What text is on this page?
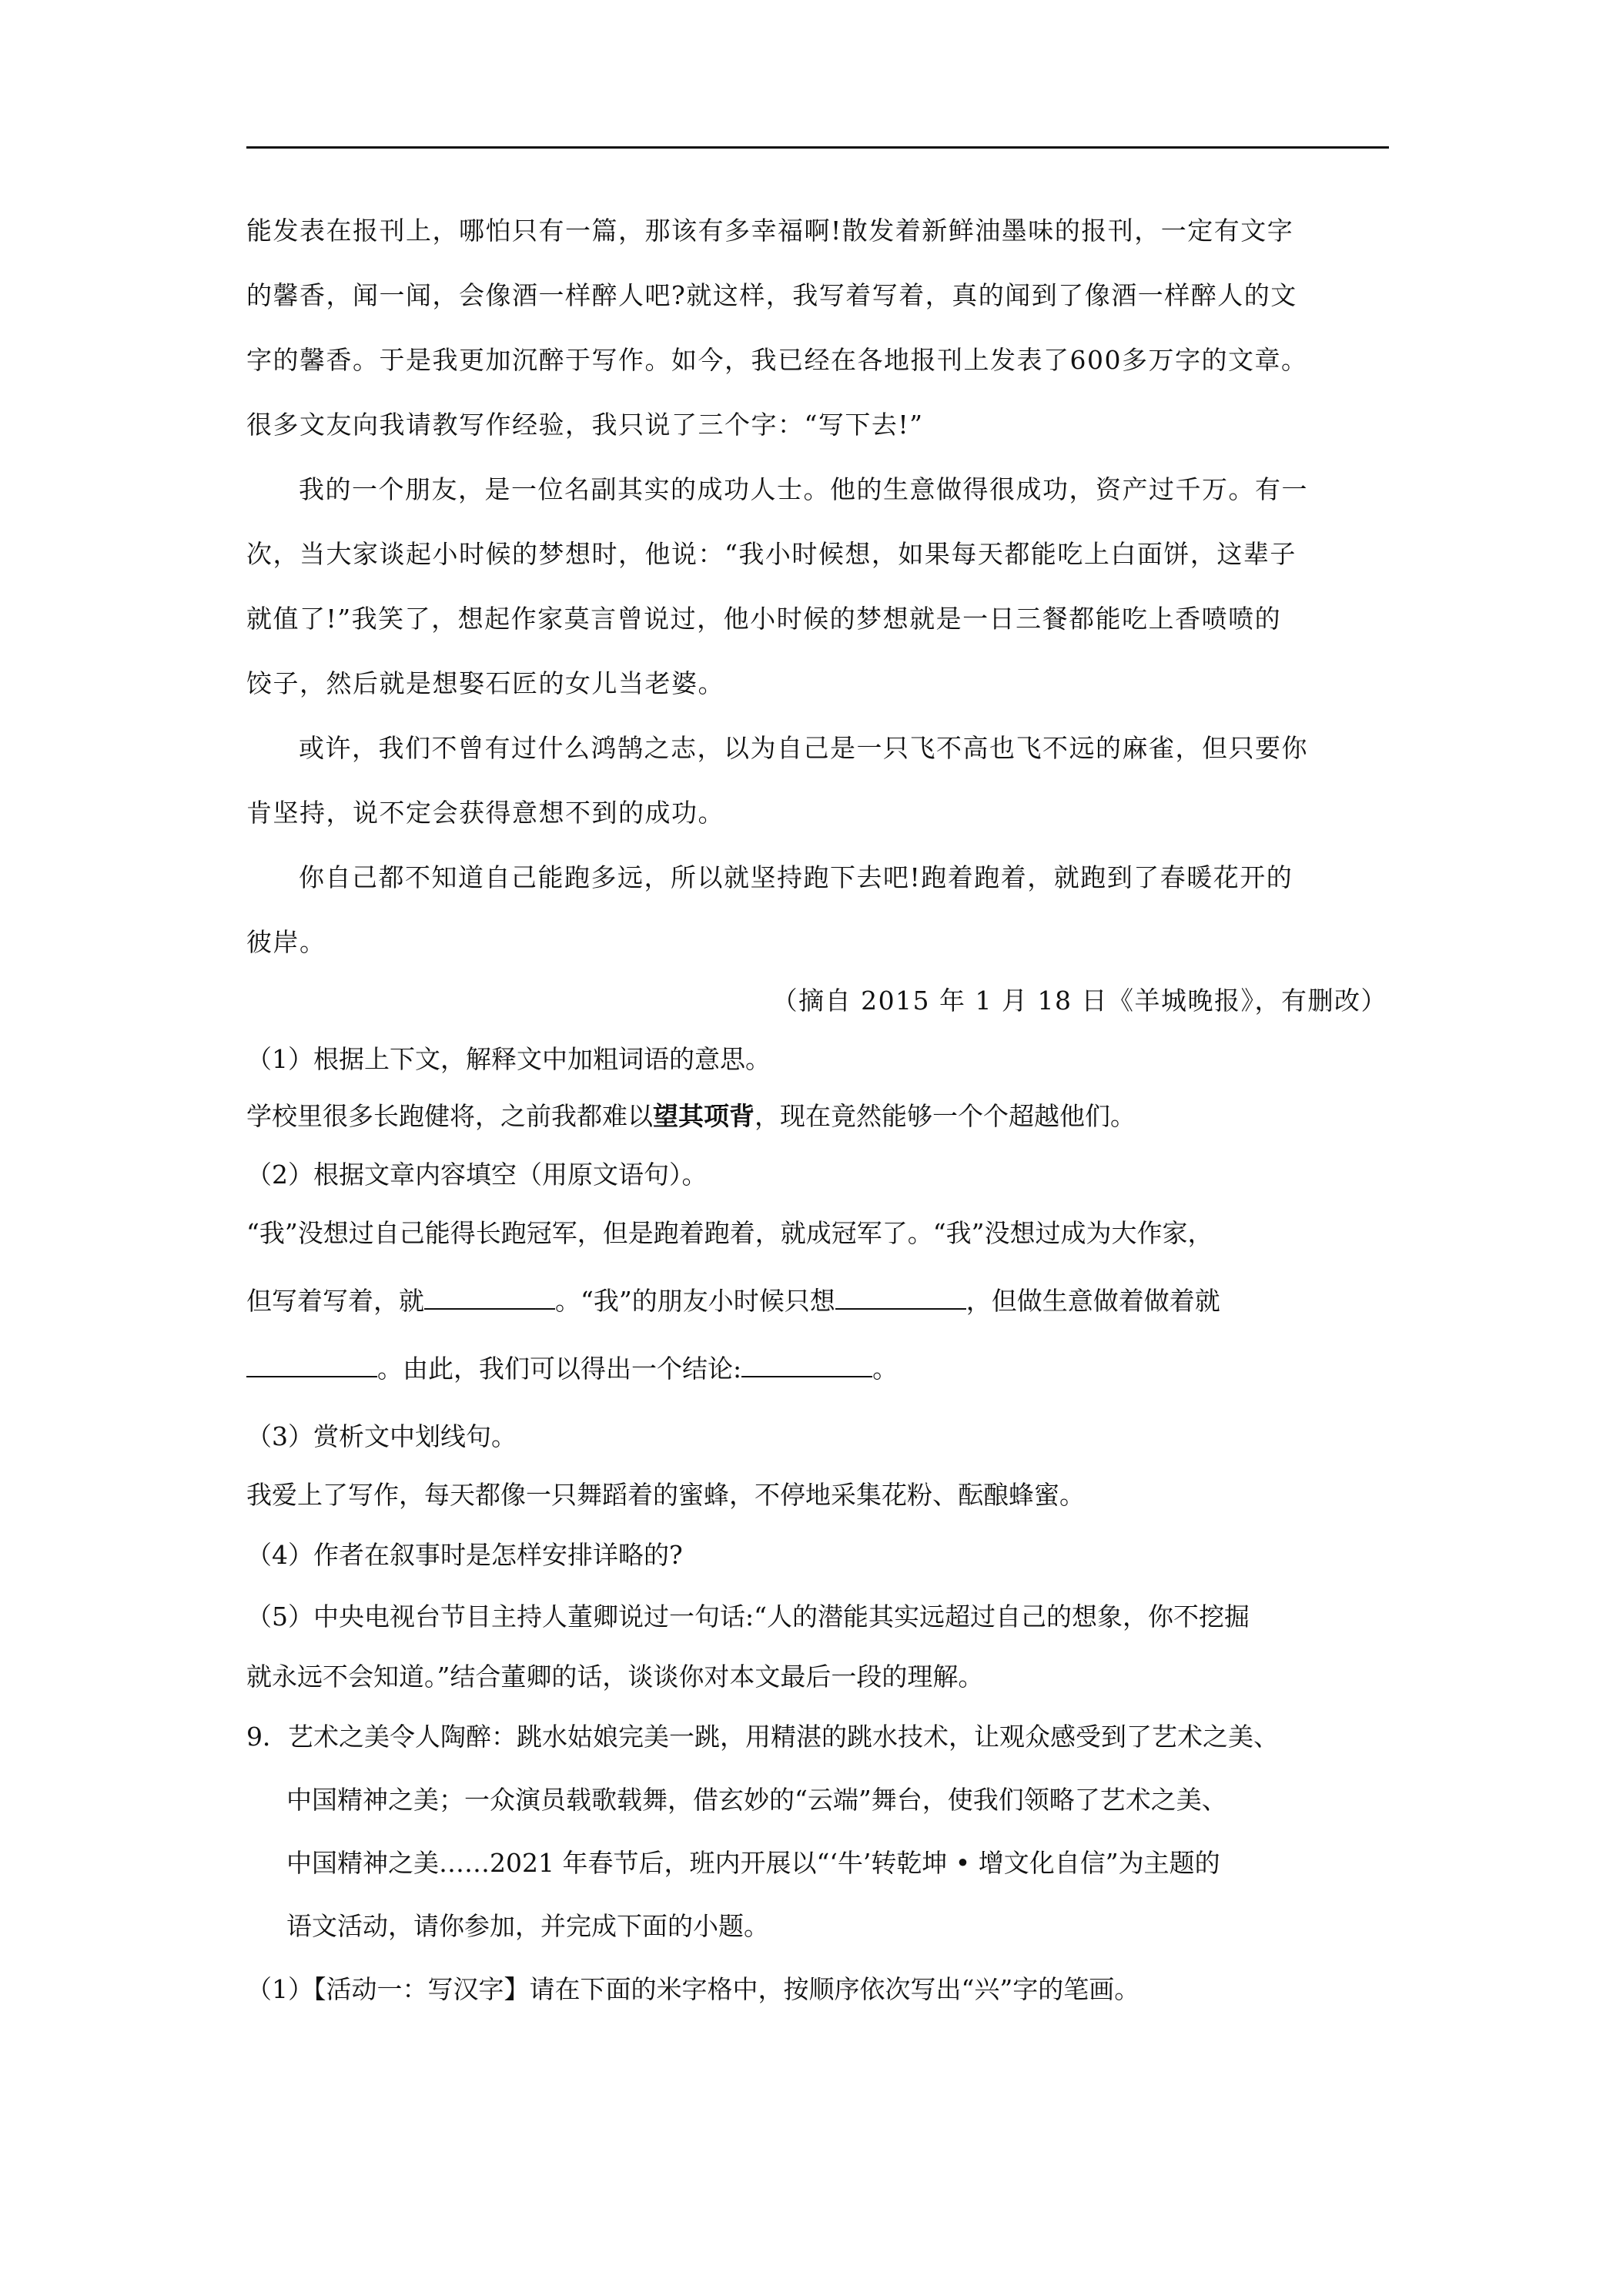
能发表在报刊上，哪怕只有一篇，那该有多幸福啊!散发着新鲜油墨味的报刊，一定有文字
的馨香，闻一闻，会像酒一样醉人吧?就这样，我写着写着，真的闻到了像酒一样醉人的文
字的馨香。于是我更加沉醉于写作。如今，我已经在各地报刊上发表了600多万字的文章。
很多文友向我请教写作经验，我只说了三个字：“写下去!”
我的一个朋友，是一位名副其实的成功人士。他的生意做得很成功，资产过千万。有一
次，当大家谈起小时候的梦想时，他说：“我小时候想，如果每天都能吃上白面饼，这辈子
就值了!”我笑了，想起作家莫言曾说过，他小时候的梦想就是一日三餐都能吃上香喷喷的
饺子，然后就是想娶石匠的女儿当老婆。
或许，我们不曾有过什么鸿鹄之志，以为自己是一只飞不高也飞不远的麻雀，但只要你
肯坚持，说不定会获得意想不到的成功。
你自己都不知道自己能跑多远，所以就坚持跑下去吧!跑着跑着，就跑到了春暖花开的
彼岸。
（摘自 2015 年 1 月 18 日《羊城晚报》，有删改）
（1）根据上下文，解释文中加粗词语的意思。
学校里很多长跑健将，之前我都难以望其项背，现在竟然能够一个个超越他们。
（2）根据文章内容填空（用原文语句）。
“我”没想过自己能得长跑冠军，但是跑着跑着，就成冠军了。“我”没想过成为大作家，
但写着写着，就	。“我”的朋友小时候只想	，但做生意做着做着就
。由此，我们可以得出一个结论:	。
（3）赏析文中划线句。
我爱上了写作，每天都像一只舞蹈着的蜜蜂，不停地采集花粉、酝酿蜂蜜。
（4）作者在叙事时是怎样安排详略的?
（5）中央电视台节目主持人董卿说过一句话:“人的潜能其实远超过自己的想象，你不挖掘
就永远不会知道。”结合董卿的话，谈谈你对本文最后一段的理解。
9．艺术之美令人陶醉：跳水姑娘完美一跳，用精湛的跳水技术，让观众感受到了艺术之美、
中国精神之美；一众演员载歌载舞，借玄妙的“云端”舞台，使我们领略了艺术之美、
中国精神之美……2021 年春节后，班内开展以“‘牛’转乾坤 • 增文化自信”为主题的
语文活动，请你参加，并完成下面的小题。
（1）【活动一：写汉字】请在下面的米字格中，按顺序依次写出“兴”字的笔画。
